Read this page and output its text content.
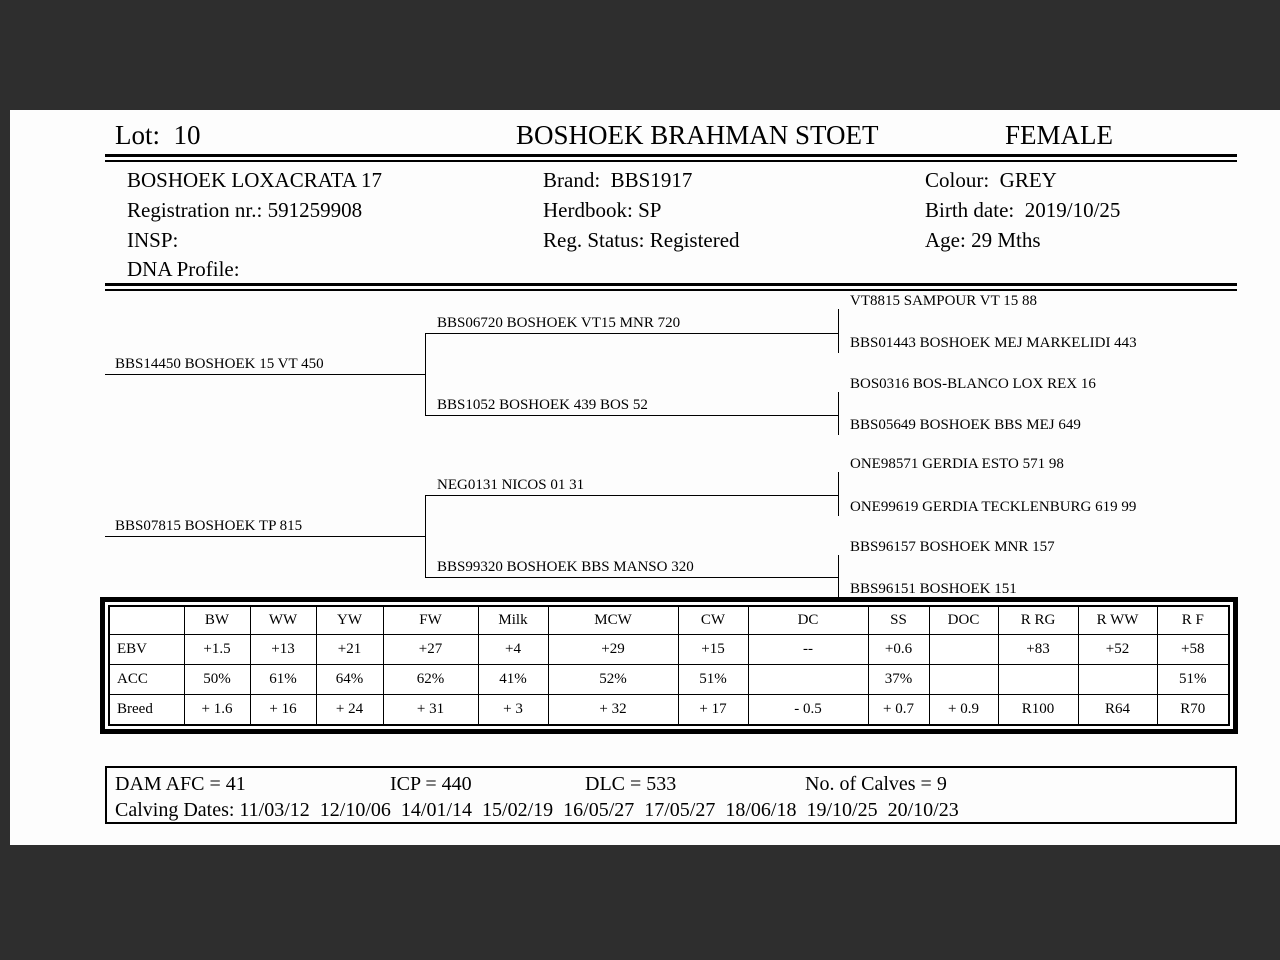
Lot:  10	BOSHOEK BRAHMAN STOET	FEMALE
BOSHOEK LOXACRATA 17
Registration nr.: 591259908
INSP:
DNA Profile:
Brand:  BBS1917
Herdbook: SP
Reg. Status: Registered
Colour:  GREY
Birth date:  2019/10/25
Age: 29 Mths
BBS14450 BOSHOEK 15 VT 450
BBS07815 BOSHOEK TP 815
BBS06720 BOSHOEK VT15 MNR 720
BBS1052 BOSHOEK 439 BOS 52
NEG0131 NICOS 01 31
BBS99320 BOSHOEK BBS MANSO 320
VT8815 SAMPOUR VT 15 88
BBS01443 BOSHOEK MEJ MARKELIDI 443
BOS0316 BOS-BLANCO LOX REX 16
BBS05649 BOSHOEK BBS MEJ 649
ONE98571 GERDIA ESTO 571 98
ONE99619 GERDIA TECKLENBURG 619 99
BBS96157 BOSHOEK MNR 157
BBS96151 BOSHOEK 151
	BW	WW	YW	FW	Milk	MCW	CW	DC	SS	DOC	R RG	R WW	R F
EBV	+1.5	+13	+21	+27	+4	+29	+15	--	+0.6		+83	+52	+58
ACC	50%	61%	64%	62%	41%	52%	51%		37%				51%
Breed	+ 1.6	+ 16	+ 24	+ 31	+ 3	+ 32	+ 17	- 0.5	+ 0.7	+ 0.9	R100	R64	R70
DAM AFC = 41	ICP = 440	DLC = 533	No. of Calves = 9
Calving Dates: 11/03/12  12/10/06  14/01/14  15/02/19  16/05/27  17/05/27  18/06/18  19/10/25  20/10/23
